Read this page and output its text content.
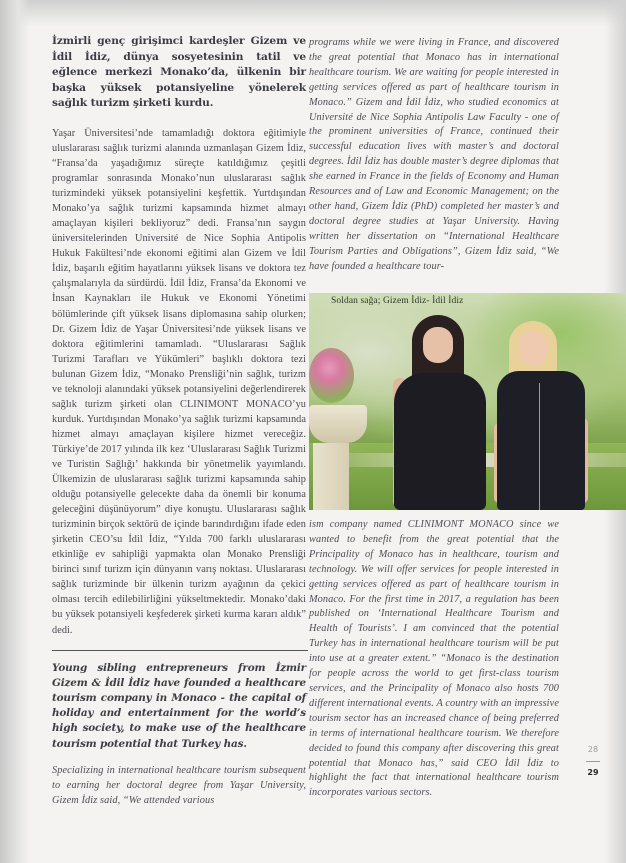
İzmirli genç girişimci kardeşler Gizem ve İdil İdiz, dünya sosyetesinin tatil ve eğlence merkezi Monako’da, ülkenin bir başka yüksek potansiyeline yönelerek sağlık turizm şirketi kurdu.

Yaşar Üniversitesi’nde tamamladığı doktora eğitimiyle uluslararası sağlık turizmi alanında uzmanlaşan Gizem İdiz, “Fransa’da yaşadığımız süreçte katıldığımız çeşitli programlar sonrasında Monako’nun uluslararası sağlık turizmindeki yüksek potansiyelini keşfettik. Yurtdışından Monako’ya sağlık turizmi kapsamında hizmet almayı amaçlayan kişileri bekliyoruz” dedi. Fransa’nın saygın üniversitelerinden Université de Nice Sophia Antipolis Hukuk Fakültesi’nde ekonomi eğitimi alan Gizem ve İdil İdiz, başarılı eğitim hayatlarını yüksek lisans ve doktora tez çalışmalarıyla da sürdürdü. İdil İdiz, Fransa’da Ekonomi ve İnsan Kaynakları ile Hukuk ve Ekonomi Yönetimi bölümlerinde çift yüksek lisans diplomasına sahip olurken; Dr. Gizem İdiz de Yaşar Üniversitesi’nde yüksek lisans ve doktora eğitimlerini tamamladı. “Uluslararası Sağlık Turizmi Tarafları ve Yükümleri” başlıklı doktora tezi bulunan Gizem İdiz, “Monako Prensliği’nin sağlık, turizm ve teknoloji alanındaki yüksek potansiyelini değerlendirerek sağlık turizm şirketi olan CLINIMONT MONACO’yu kurduk. Yurtdışından Monako’ya sağlık turizmi kapsamında hizmet almayı amaçlayan kişilere hizmet vereceğiz. Türkiye’de 2017 yılında ilk kez ‘Uluslararası Sağlık Turizmi ve Turistin Sağlığı’ hakkında bir yönetmelik yayımlandı. Ülkemizin de uluslararası sağlık turizmi kapsamında sahip olduğu potansiyelle gelecekte daha da önemli bir konuma geleceğini düşünüyorum” diye konuştu. Uluslararası sağlık turizminin birçok sektörü de içinde barındırdığını ifade eden şirketin CEO’su İdil İdiz, “Yılda 700 farklı uluslararası etkinliğe ev sahipliği yapmakta olan Monako Prensliği birinci sınıf turizm için dünyanın varış noktası. Uluslararası sağlık turizminde bir ülkenin turizm ayağının da çekici olması tercih edilebilirliğini yükseltmektedir. Monako’daki bu yüksek potansiyeli keşfederek şirketi kurma kararı aldık” dedi.

Young sibling entrepreneurs from İzmir Gizem & İdil İdiz have founded a healthcare tourism company in Monaco - the capital of holiday and entertainment for the world’s high society, to make use of the healthcare tourism potential that Turkey has.

Specializing in international healthcare tourism subsequent to earning her doctoral degree from Yaşar University, Gizem İdiz said, “We attended various

programs while we were living in France, and discovered the great potential that Monaco has in international healthcare tourism. We are waiting for people interested in getting services offered as part of healthcare tourism in Monaco.” Gizem and İdil İdiz, who studied economics at Université de Nice Sophia Antipolis Law Faculty - one of the prominent universities of France, continued their successful education lives with master’s and doctoral degrees. İdil İdiz has double master’s degree diplomas that she earned in France in the fields of Economy and Human Resources and of Law and Economic Management; on the other hand, Gizem İdiz (PhD) completed her master’s and doctoral degree studies at Yaşar University. Having written her dissertation on “International Healthcare Tourism Parties and Obligations”, Gizem İdiz said, “We have founded a healthcare tour-

Soldan sağa; Gizem İdiz- İdil İdiz

ism company named CLINIMONT MONACO since we wanted to benefit from the great potential that the Principality of Monaco has in healthcare, tourism and technology. We will offer services for people interested in getting services offered as part of healthcare tourism in Monaco. For the first time in 2017, a regulation has been published on ‘International Healthcare Tourism and Health of Tourists’. I am convinced that the potential Turkey has in international healthcare tourism will be put into use at a greater extent.” “Monaco is the destination for people across the world to get first-class tourism services, and the Principality of Monaco also hosts 700 different international events. A country with an impressive tourism sector has an increased chance of being preferred in terms of international healthcare tourism. We therefore decided to found this company after discovering this great potential that Monaco has,” said CEO İdil İdiz to highlight the fact that international healthcare tourism incorporates various sectors.

28
29
